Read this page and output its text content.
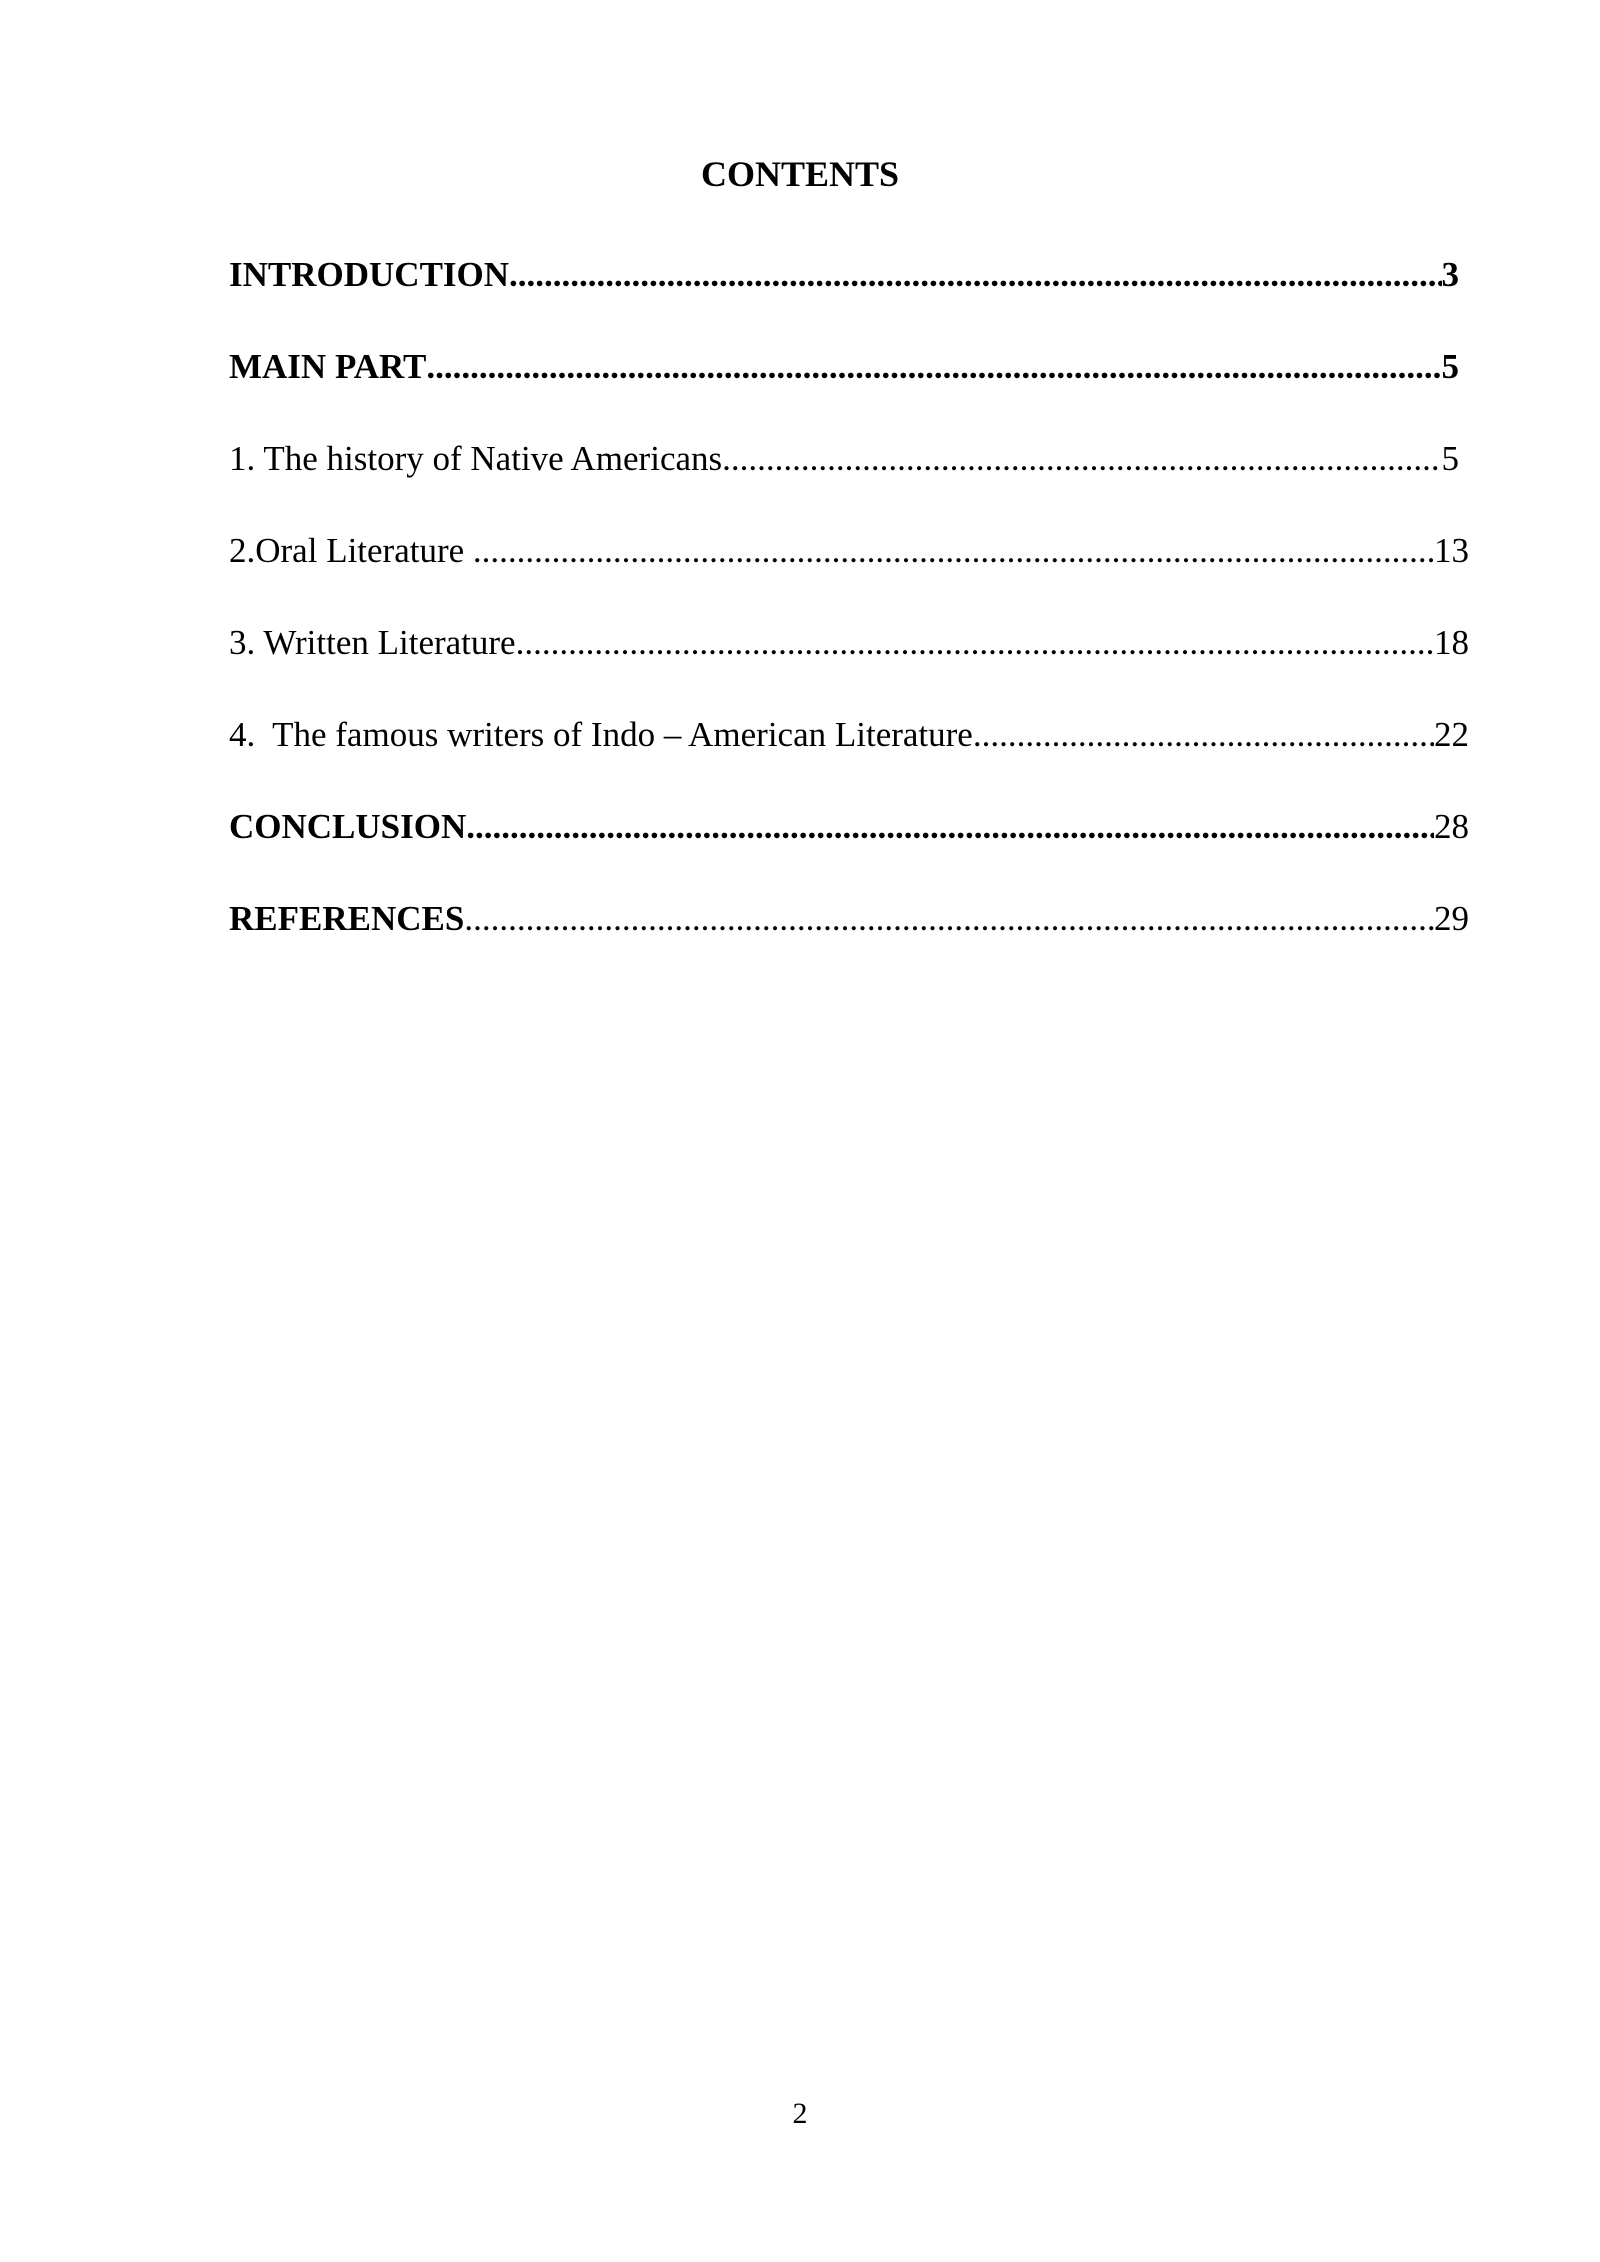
CONTENTS
INTRODUCTION .....	3
MAIN PART .....	5
1. The history of Native Americans .....	5
2.Oral Literature .....	13
3. Written Literature .....	18
4.  The famous writers of Indo – American Literature .....	22
CONCLUSION .....	28
REFERENCES .....	29
2
